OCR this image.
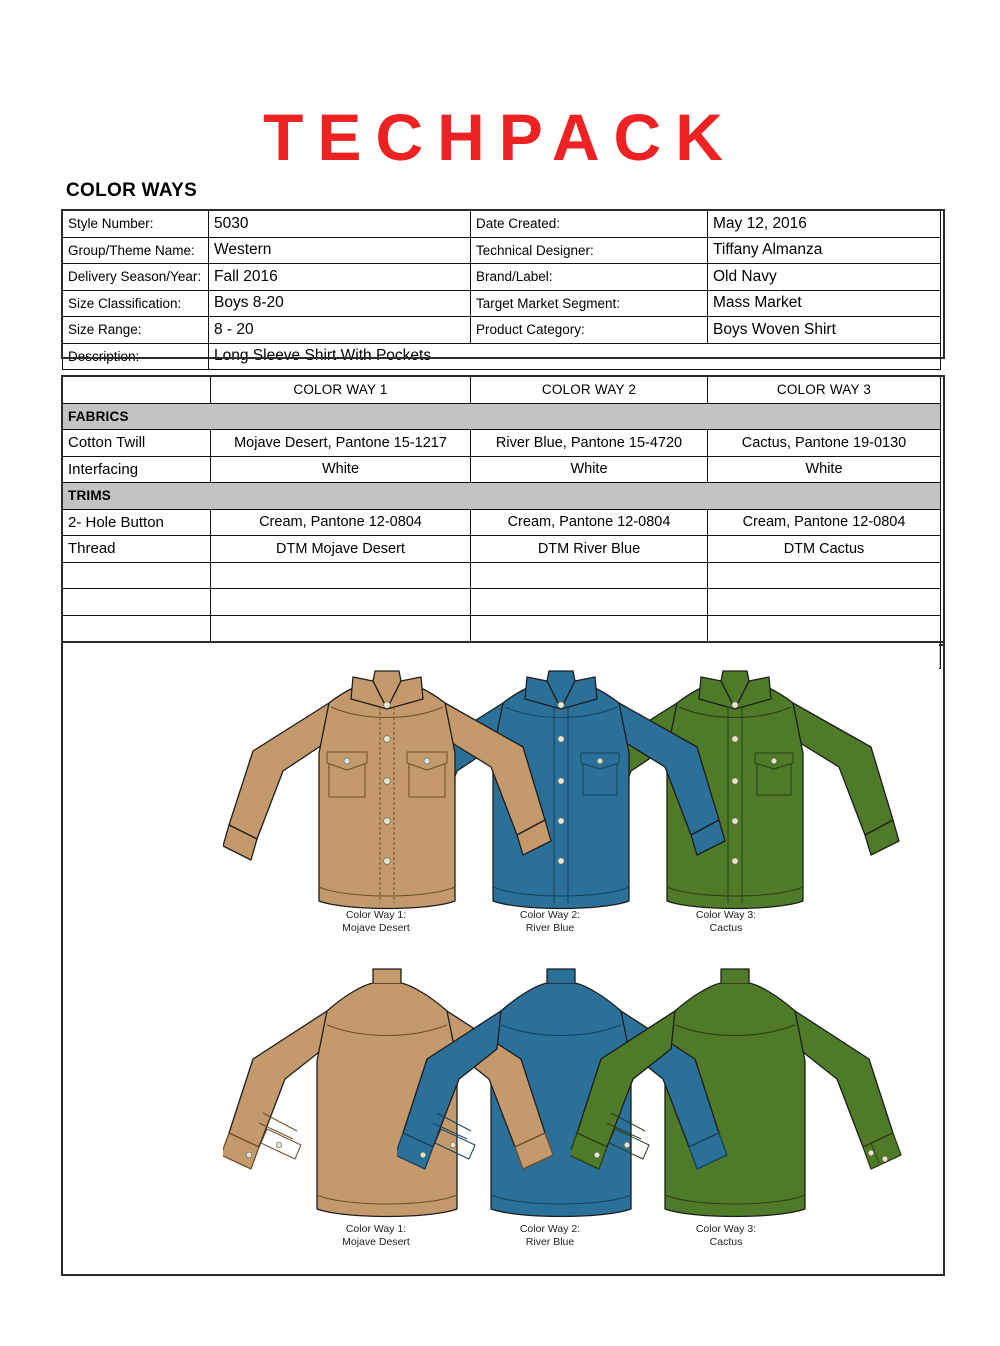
TECHPACK
COLOR WAYS
Style Number:	5030	Date Created:	May 12, 2016
Group/Theme Name:	Western	Technical Designer:	Tiffany Almanza
Delivery Season/Year:	Fall 2016	Brand/Label:	Old Navy
Size Classification:	Boys 8-20	Target Market Segment:	Mass Market
Size Range:	8 - 20	Product Category:	Boys Woven Shirt
Description:	Long Sleeve Shirt With Pockets		
	COLOR WAY 1	COLOR WAY 2	COLOR WAY 3
FABRICS			
Cotton Twill	Mojave Desert, Pantone 15-1217	River Blue, Pantone 15-4720	Cactus, Pantone 19-0130
Interfacing	White	White	White
TRIMS			
2- Hole Button	Cream, Pantone 12-0804	Cream, Pantone 12-0804	Cream, Pantone 12-0804
Thread	DTM Mojave Desert	DTM River Blue	DTM Cactus

Color Way 1:
Mojave Desert
Color Way 2:
River Blue
Color Way 3:
Cactus
Color Way 1:
Mojave Desert
Color Way 2:
River Blue
Color Way 3:
Cactus
